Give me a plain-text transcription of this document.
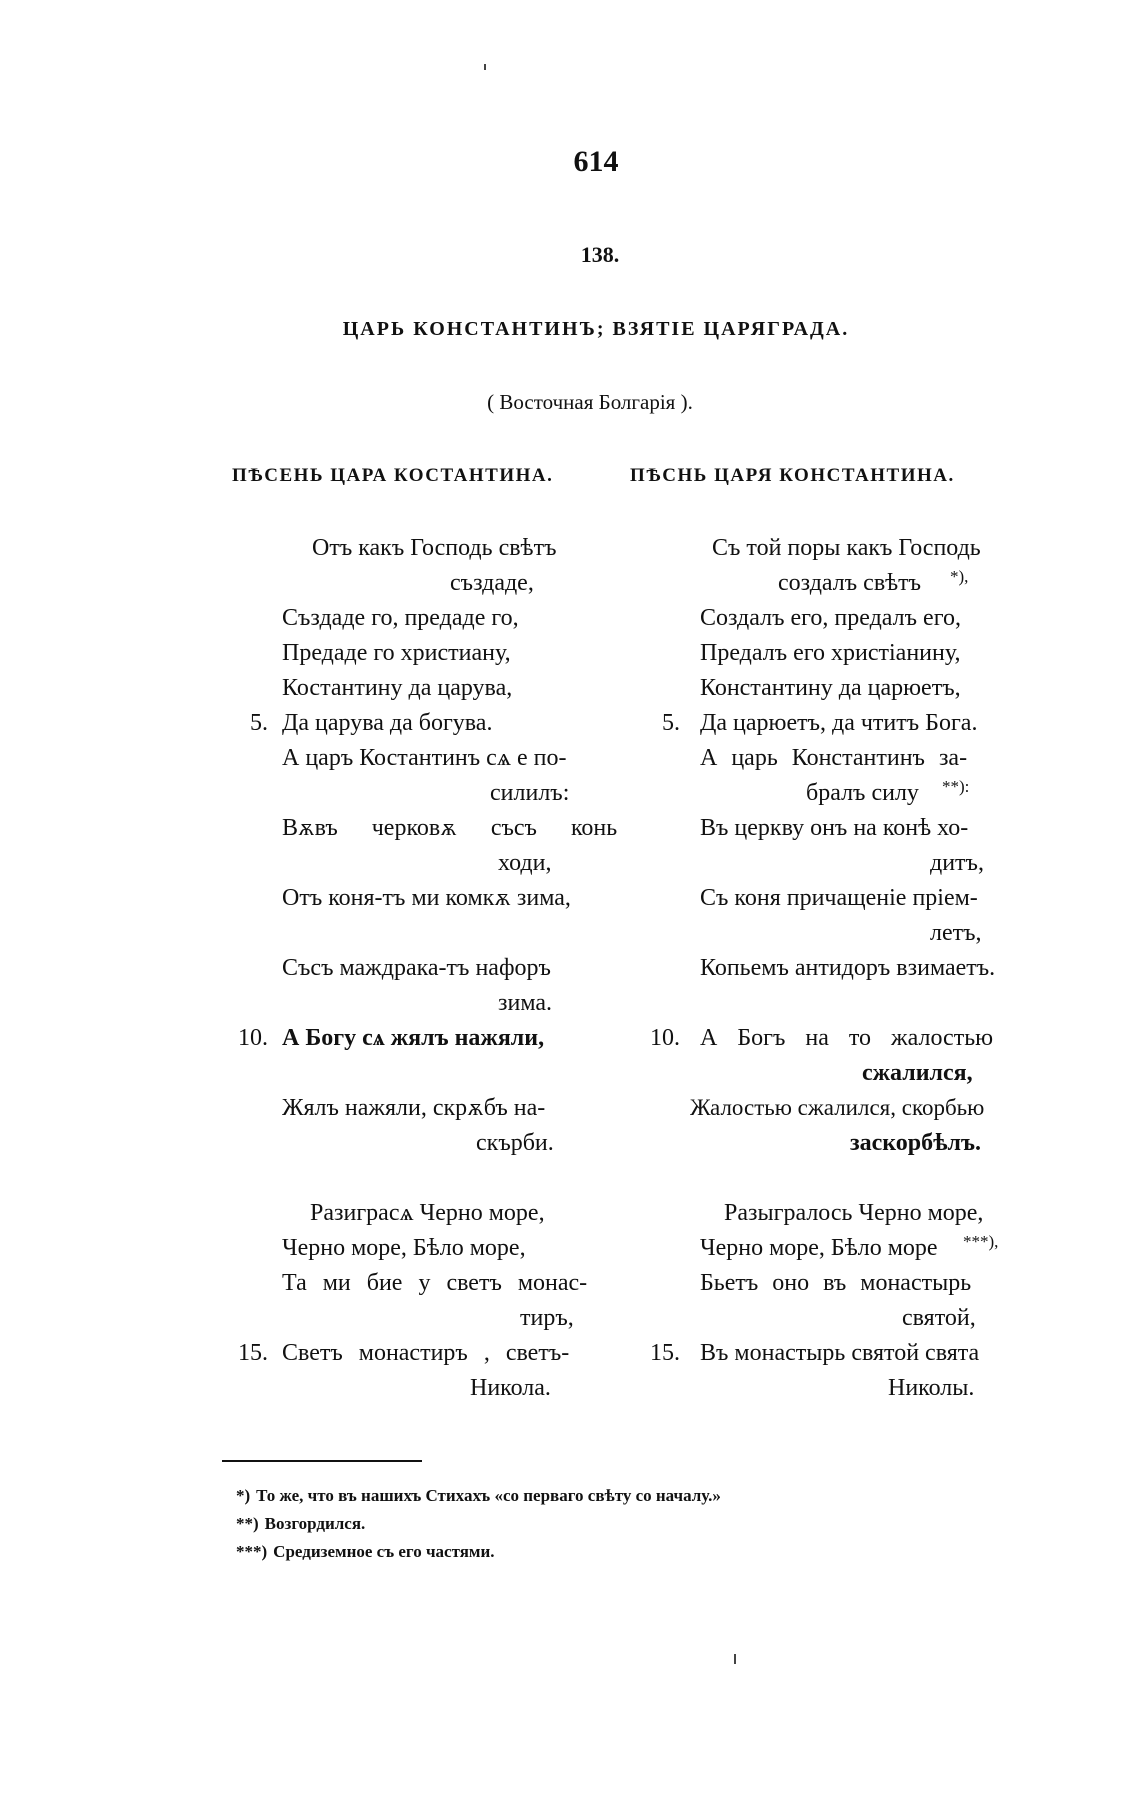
614
138.
ЦАРЬ КОНСТАНТИНЪ; ВЗЯТІЕ ЦАРЯГРАДА.
( Восточная Болгарія ).
ПѢСЕНЬ ЦАРА КОСТАНТИНА.	ПѢСНЬ ЦАРЯ КОНСТАНТИНА.
Отъ какъ Господь свѣтъ
създаде,
Създаде го, предаде го,
Предаде го христиану,
Костантину да царува,
5. Да царува да богува.
А царъ Костантинъ сѧ е по-
силилъ:
Вѫвъ черковѫ съсъ конь
ходи,
Отъ коня-тъ ми комкѫ зима,
Съсъ маждрака-тъ нафоръ
зима.
10. А Богу сѧ жялъ нажяли,
Жялъ нажяли, скрѫбъ на-
скърби.
Разиграсѧ Черно море,
Черно море, Бѣло море,
Та ми бие у светъ монас-
тиръ,
15. Светъ монастиръ , светъ-
Никола.
Съ той поры какъ Господь
создалъ свѣтъ *),
Создалъ его, предалъ его,
Предалъ его христіанину,
Константину да царюетъ,
5. Да царюетъ, да чтитъ Бога.
А царь Константинъ за-
бралъ силу **):
Въ церкву онъ на конѣ хо-
дитъ,
Съ коня причащеніе прiем-
летъ,
Копьемъ антидоръ взимаетъ.
10. А Богъ на то жалостью
сжалился,
Жалостью сжалился, скорбью
заскорбѣлъ.
Разыгралось Черно море,
Черно море, Бѣло море ***),
Бьетъ оно въ монастырь
святой,
15. Въ монастырь святой свята
Николы.
*) То же, что въ нашихъ Стихахъ «со перваго свѣту со началу.»
**) Возгордился.
***) Средиземное съ его частями.
